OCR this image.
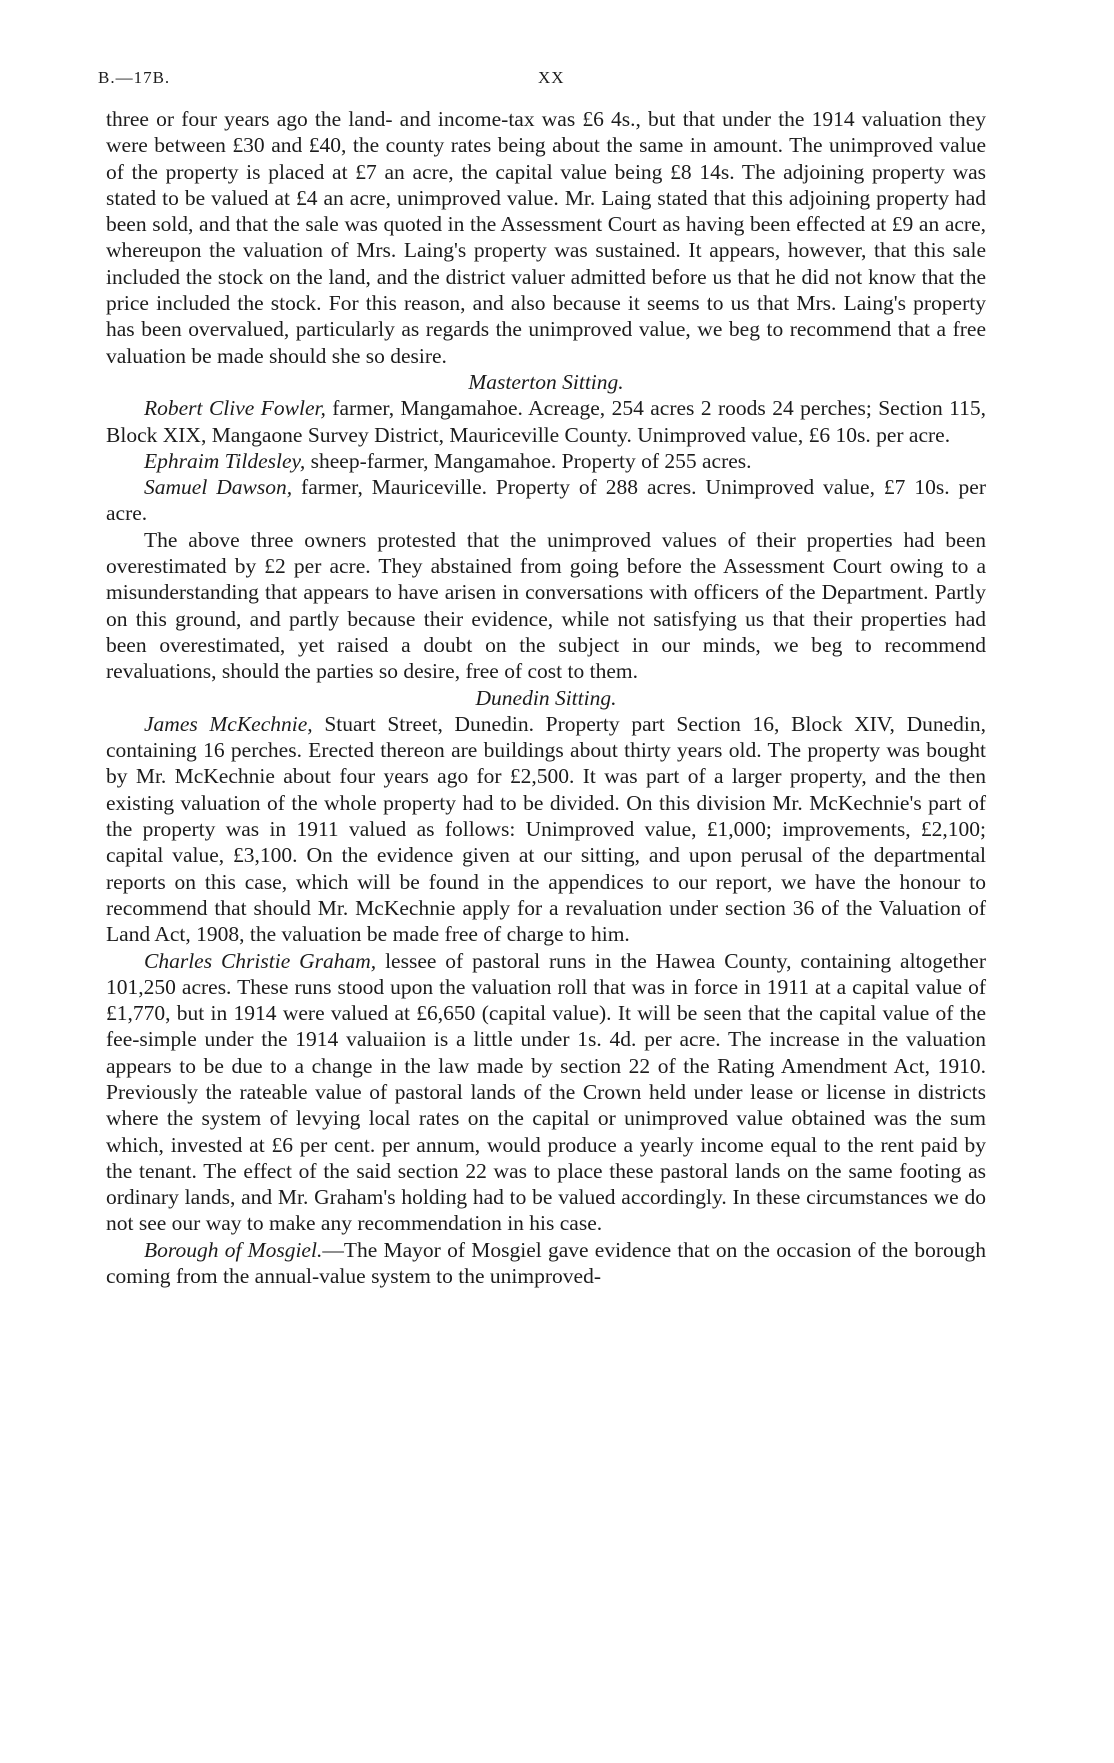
B.—17B.	XX

three or four years ago the land- and income-tax was £6 4s., but that under the 1914 valuation they were between £30 and £40, the county rates being about the same in amount. The unimproved value of the property is placed at £7 an acre, the capital value being £8 14s. The adjoining property was stated to be valued at £4 an acre, unimproved value. Mr. Laing stated that this adjoining property had been sold, and that the sale was quoted in the Assessment Court as having been effected at £9 an acre, whereupon the valuation of Mrs. Laing's property was sustained. It appears, however, that this sale included the stock on the land, and the district valuer admitted before us that he did not know that the price included the stock. For this reason, and also because it seems to us that Mrs. Laing's property has been overvalued, particularly as regards the unimproved value, we beg to recommend that a free valuation be made should she so desire.

Masterton Sitting.

Robert Clive Fowler, farmer, Mangamahoe. Acreage, 254 acres 2 roods 24 perches; Section 115, Block XIX, Mangaone Survey District, Mauriceville County. Unimproved value, £6 10s. per acre.

Ephraim Tildesley, sheep-farmer, Mangamahoe. Property of 255 acres.

Samuel Dawson, farmer, Mauriceville. Property of 288 acres. Unimproved value, £7 10s. per acre.

The above three owners protested that the unimproved values of their properties had been overestimated by £2 per acre. They abstained from going before the Assessment Court owing to a misunderstanding that appears to have arisen in conversations with officers of the Department. Partly on this ground, and partly because their evidence, while not satisfying us that their properties had been overestimated, yet raised a doubt on the subject in our minds, we beg to recommend revaluations, should the parties so desire, free of cost to them.

Dunedin Sitting.

James McKechnie, Stuart Street, Dunedin. Property part Section 16, Block XIV, Dunedin, containing 16 perches. Erected thereon are buildings about thirty years old. The property was bought by Mr. McKechnie about four years ago for £2,500. It was part of a larger property, and the then existing valuation of the whole property had to be divided. On this division Mr. McKechnie's part of the property was in 1911 valued as follows: Unimproved value, £1,000; improvements, £2,100; capital value, £3,100. On the evidence given at our sitting, and upon perusal of the departmental reports on this case, which will be found in the appendices to our report, we have the honour to recommend that should Mr. McKechnie apply for a revaluation under section 36 of the Valuation of Land Act, 1908, the valuation be made free of charge to him.

Charles Christie Graham, lessee of pastoral runs in the Hawea County, containing altogether 101,250 acres. These runs stood upon the valuation roll that was in force in 1911 at a capital value of £1,770, but in 1914 were valued at £6,650 (capital value). It will be seen that the capital value of the fee-simple under the 1914 valuaiion is a little under 1s. 4d. per acre. The increase in the valuation appears to be due to a change in the law made by section 22 of the Rating Amendment Act, 1910. Previously the rateable value of pastoral lands of the Crown held under lease or license in districts where the system of levying local rates on the capital or unimproved value obtained was the sum which, invested at £6 per cent. per annum, would produce a yearly income equal to the rent paid by the tenant. The effect of the said section 22 was to place these pastoral lands on the same footing as ordinary lands, and Mr. Graham's holding had to be valued accordingly. In these circumstances we do not see our way to make any recommendation in his case.

Borough of Mosgiel.—The Mayor of Mosgiel gave evidence that on the occasion of the borough coming from the annual-value system to the unimproved-
